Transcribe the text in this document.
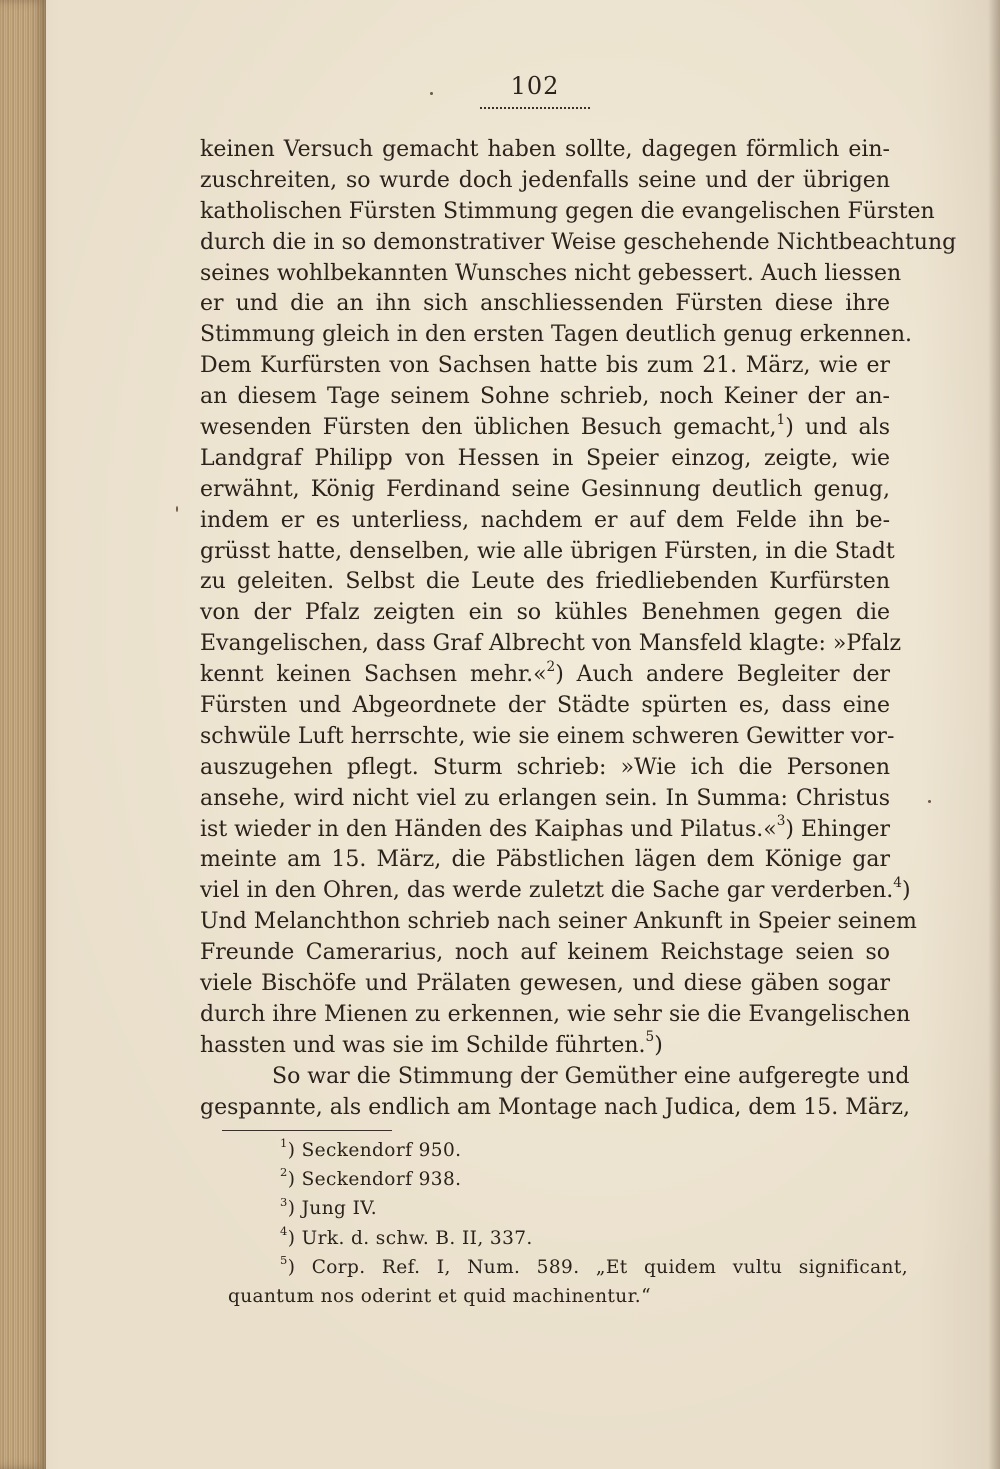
102
keinen Versuch gemacht haben sollte, dagegen förmlich ein-
zuschreiten, so wurde doch jedenfalls seine und der übrigen
katholischen Fürsten Stimmung gegen die evangelischen Fürsten
durch die in so demonstrativer Weise geschehende Nichtbeachtung
seines wohlbekannten Wunsches nicht gebessert. Auch liessen
er und die an ihn sich anschliessenden Fürsten diese ihre
Stimmung gleich in den ersten Tagen deutlich genug erkennen.
Dem Kurfürsten von Sachsen hatte bis zum 21. März, wie er
an diesem Tage seinem Sohne schrieb, noch Keiner der an-
wesenden Fürsten den üblichen Besuch gemacht,$^1$) und als
Landgraf Philipp von Hessen in Speier einzog, zeigte, wie
erwähnt, König Ferdinand seine Gesinnung deutlich genug,
indem er es unterliess, nachdem er auf dem Felde ihn be-
grüsst hatte, denselben, wie alle übrigen Fürsten, in die Stadt
zu geleiten. Selbst die Leute des friedliebenden Kurfürsten
von der Pfalz zeigten ein so kühles Benehmen gegen die
Evangelischen, dass Graf Albrecht von Mansfeld klagte: »Pfalz
kennt keinen Sachsen mehr.«$^2$) Auch andere Begleiter der
Fürsten und Abgeordnete der Städte spürten es, dass eine
schwüle Luft herrschte, wie sie einem schweren Gewitter vor-
auszugehen pflegt. Sturm schrieb: »Wie ich die Personen
ansehe, wird nicht viel zu erlangen sein. In Summa: Christus
ist wieder in den Händen des Kaiphas und Pilatus.«$^3$) Ehinger
meinte am 15. März, die Päbstlichen lägen dem Könige gar
viel in den Ohren, das werde zuletzt die Sache gar verderben.$^4$)
Und Melanchthon schrieb nach seiner Ankunft in Speier seinem
Freunde Camerarius, noch auf keinem Reichstage seien so
viele Bischöfe und Prälaten gewesen, und diese gäben sogar
durch ihre Mienen zu erkennen, wie sehr sie die Evangelischen
hassten und was sie im Schilde führten.$^5$)
So war die Stimmung der Gemüther eine aufgeregte und
gespannte, als endlich am Montage nach Judica, dem 15. März,
$^1$) Seckendorf 950.
$^2$) Seckendorf 938.
$^3$) Jung IV.
$^4$) Urk. d. schw. B. II, 337.
$^5$) Corp. Ref. I, Num. 589. „Et quidem vultu significant,
quantum nos oderint et quid machinentur.“
